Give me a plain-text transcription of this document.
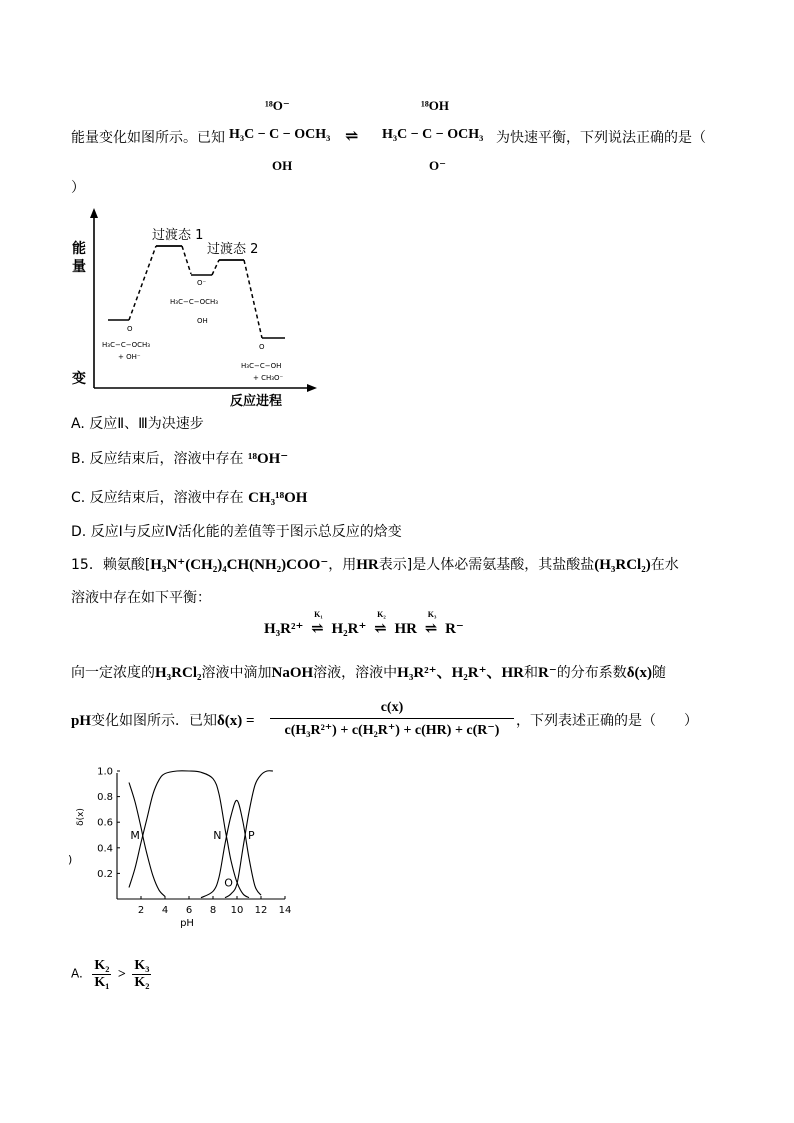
能量变化如图所示。已知
¹⁸O⁻
H₃C − C − OCH₃
OH
⇌
¹⁸OH
H₃C − C − OCH₃
O⁻
为快速平衡，下列说法正确的是（
）
能
量
变
过渡态 1
过渡态 2
反应进程
O
H₃C−C−OCH₃
+ OH⁻
O⁻
H₃C−C−OCH₃
OH
O
H₃C−C−OH
+ CH₃O⁻
A. 反应Ⅱ、Ⅲ为决速步
B. 反应结束后，溶液中存在 ¹⁸OH⁻
C. 反应结束后，溶液中存在 CH₃¹⁸OH
D. 反应Ⅰ与反应Ⅳ活化能的差值等于图示总反应的焓变
15．赖氨酸[H₃N⁺(CH₂)₄CH(NH₂)COO⁻，用HR表示]是人体必需氨基酸，其盐酸盐(H₃RCl₂)在水
溶液中存在如下平衡：
H₃R²⁺
K₁
⇌ H₂R⁺
K₂
⇌ HR
K₃
⇌ R⁻
向一定浓度的H₃RCl₂溶液中滴加NaOH溶液，溶液中H₃R²⁺、H₂R⁺、HR和R⁻的分布系数δ(x)随
pH变化如图所示．已知$\delta(x) = \frac{c(x)}{\text{c(H₃R²⁺) + c(H₂R⁺) + c(HR) + c(R⁻)}}$ ，下列表述正确的是（　　）
2 4 6 8 10 12 14
0.2
0.4
0.6
0.8
1.0
pH
δ(x)
)
M	N
O
P
A. $\frac{\text{K₂}}{\text{K₁}} > \frac{\text{K₃}}{\text{K₂}}$
